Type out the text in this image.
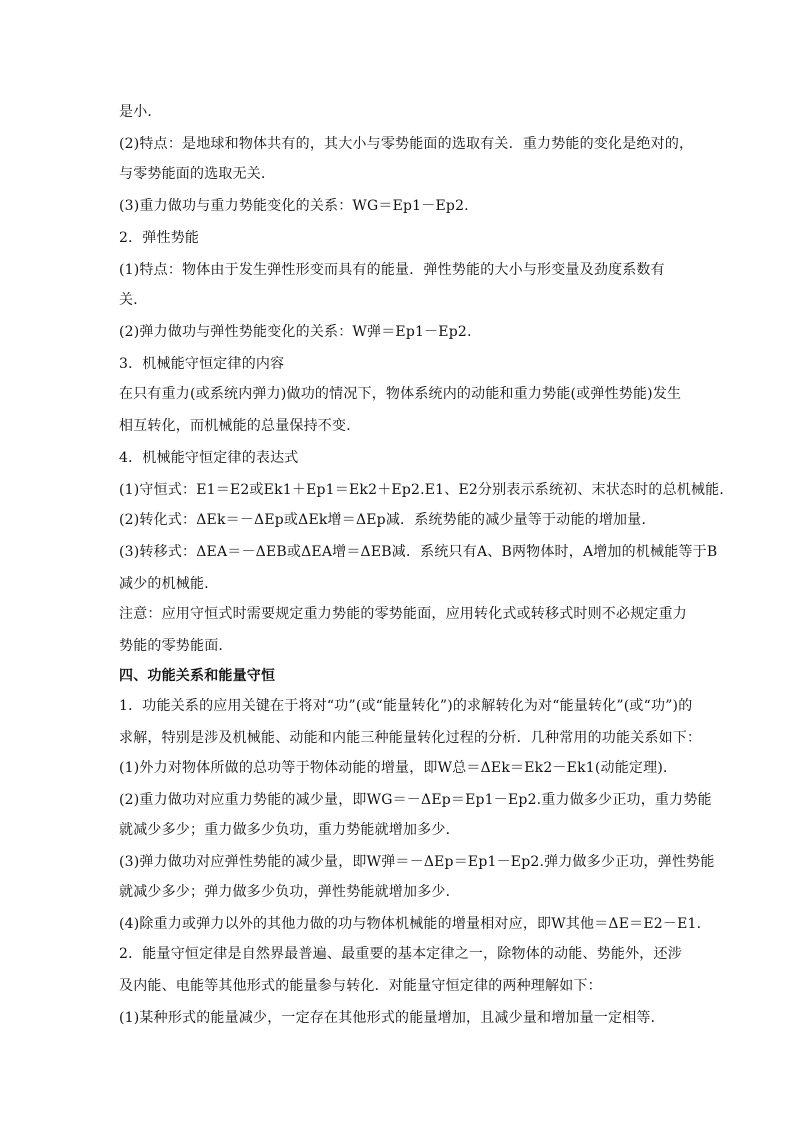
是小．
(2)特点：是地球和物体共有的，其大小与零势能面的选取有关．重力势能的变化是绝对的，
与零势能面的选取无关．
(3)重力做功与重力势能变化的关系：WG＝Ep1－Ep2.
2．弹性势能
(1)特点：物体由于发生弹性形变而具有的能量．弹性势能的大小与形变量及劲度系数有
关．
(2)弹力做功与弹性势能变化的关系：W弹＝Ep1－Ep2.
3．机械能守恒定律的内容
在只有重力(或系统内弹力)做功的情况下，物体系统内的动能和重力势能(或弹性势能)发生
相互转化，而机械能的总量保持不变．
4．机械能守恒定律的表达式
(1)守恒式：E1＝E2或Ek1＋Ep1＝Ek2＋Ep2.E1、E2分别表示系统初、末状态时的总机械能．
(2)转化式：ΔEk＝－ΔEp或ΔEk增＝ΔEp减．系统势能的减少量等于动能的增加量．
(3)转移式：ΔEA＝－ΔEB或ΔEA增＝ΔEB减．系统只有A、B两物体时，A增加的机械能等于B
减少的机械能．
注意：应用守恒式时需要规定重力势能的零势能面，应用转化式或转移式时则不必规定重力
势能的零势能面．
四、功能关系和能量守恒
1．功能关系的应用关键在于将对“功”(或“能量转化”)的求解转化为对“能量转化”(或“功”)的
求解，特别是涉及机械能、动能和内能三种能量转化过程的分析．几种常用的功能关系如下：
(1)外力对物体所做的总功等于物体动能的增量，即W总＝ΔEk＝Ek2－Ek1(动能定理)．
(2)重力做功对应重力势能的减少量，即WG＝－ΔEp＝Ep1－Ep2.重力做多少正功，重力势能
就减少多少；重力做多少负功，重力势能就增加多少．
(3)弹力做功对应弹性势能的减少量，即W弹＝－ΔEp＝Ep1－Ep2.弹力做多少正功，弹性势能
就减少多少；弹力做多少负功，弹性势能就增加多少．
(4)除重力或弹力以外的其他力做的功与物体机械能的增量相对应，即W其他＝ΔE＝E2－E1.
2．能量守恒定律是自然界最普遍、最重要的基本定律之一，除物体的动能、势能外，还涉
及内能、电能等其他形式的能量参与转化．对能量守恒定律的两种理解如下：
(1)某种形式的能量减少，一定存在其他形式的能量增加，且减少量和增加量一定相等．
